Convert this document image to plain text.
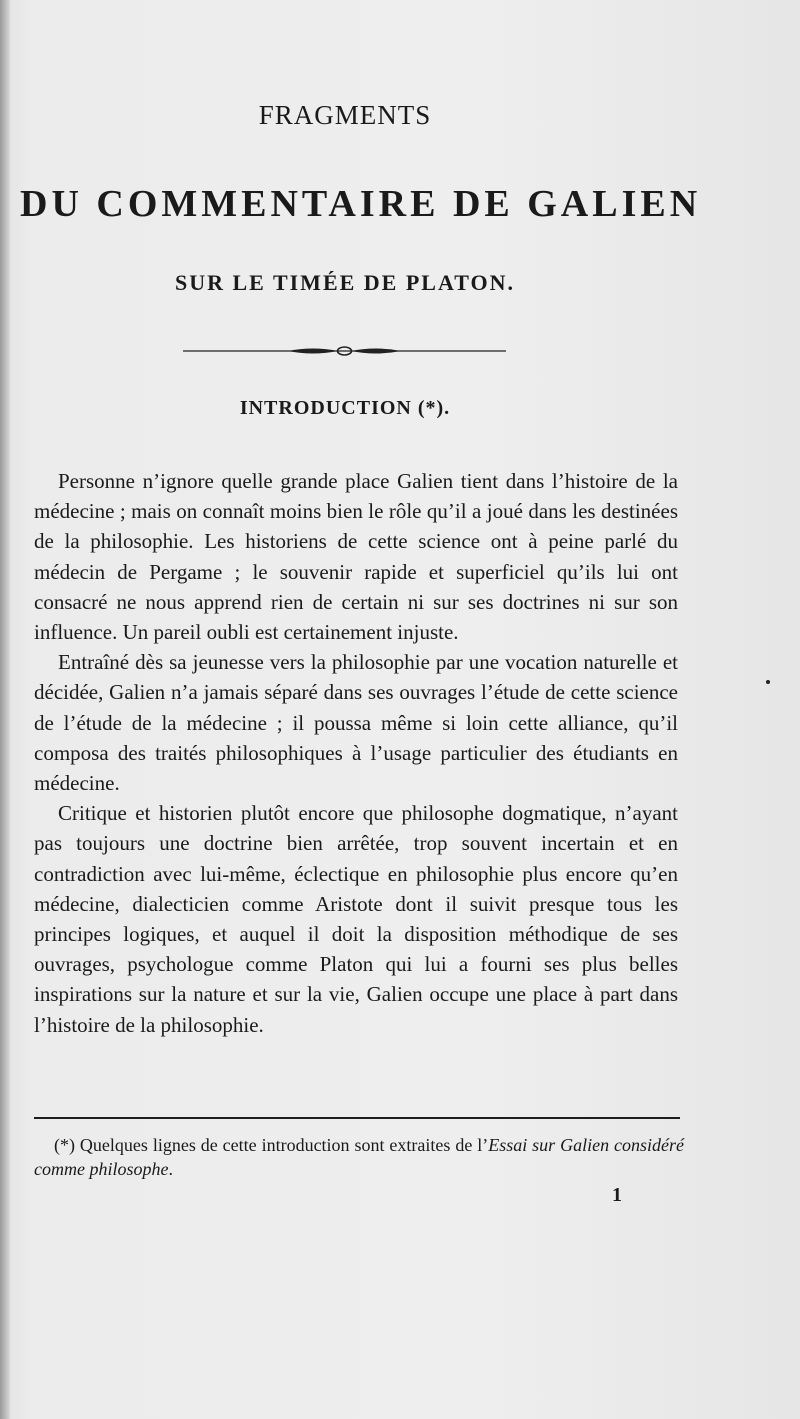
FRAGMENTS
DU COMMENTAIRE DE GALIEN
SUR LE TIMÉE DE PLATON.
INTRODUCTION (*).

Personne n’ignore quelle grande place Galien tient dans l’histoire de la médecine ; mais on connaît moins bien le rôle qu’il a joué dans les destinées de la philosophie. Les historiens de cette science ont à peine parlé du médecin de Pergame ; le souvenir rapide et superficiel qu’ils lui ont consacré ne nous apprend rien de certain ni sur ses doctrines ni sur son influence. Un pareil oubli est certainement injuste.

Entraîné dès sa jeunesse vers la philosophie par une vocation naturelle et décidée, Galien n’a jamais séparé dans ses ouvrages l’étude de cette science de l’étude de la médecine ; il poussa même si loin cette alliance, qu’il composa des traités philosophiques à l’usage particulier des étudiants en médecine.

Critique et historien plutôt encore que philosophe dogmatique, n’ayant pas toujours une doctrine bien arrêtée, trop souvent incertain et en contradiction avec lui-même, éclectique en philosophie plus encore qu’en médecine, dialecticien comme Aristote dont il suivit presque tous les principes logiques, et auquel il doit la disposition méthodique de ses ouvrages, psychologue comme Platon qui lui a fourni ses plus belles inspirations sur la nature et sur la vie, Galien occupe une place à part dans l’histoire de la philosophie.

(*) Quelques lignes de cette introduction sont extraites de l’Essai sur Galien considéré comme philosophe.
1
